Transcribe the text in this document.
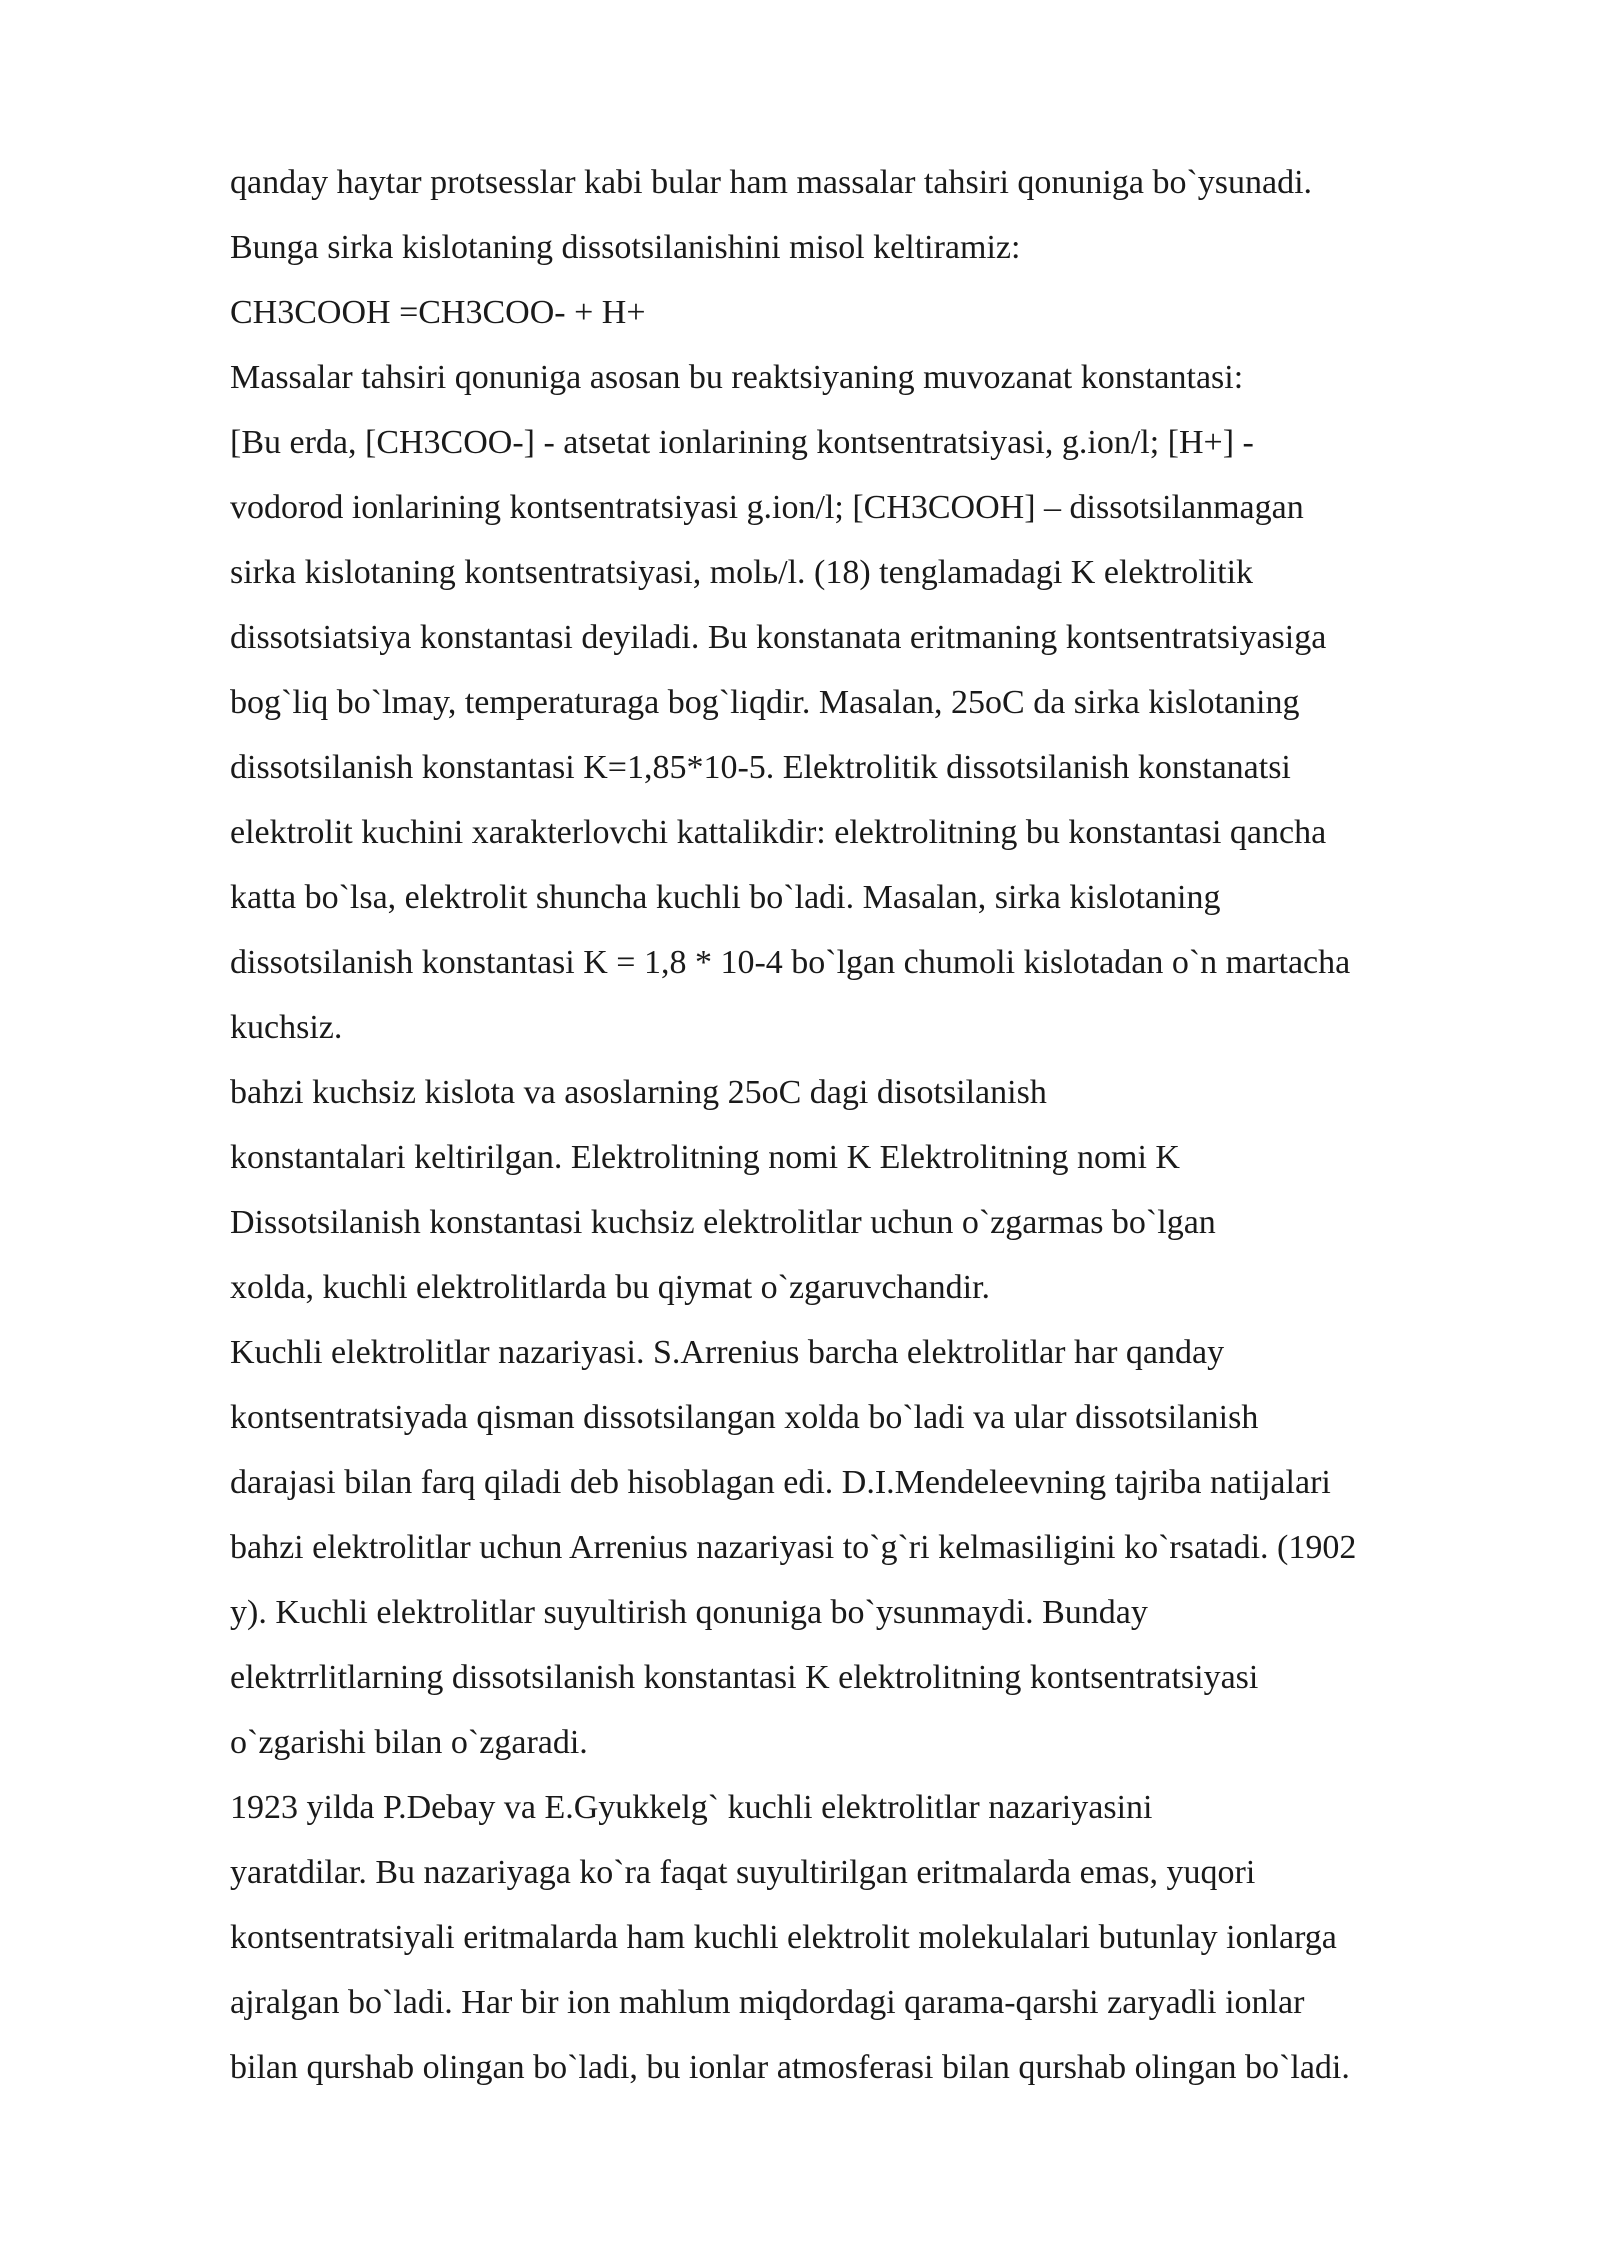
qanday haytar protsesslar kabi bular ham massalar tahsiri qonuniga bo`ysunadi.
Bunga sirka kislotaning dissotsilanishini misol keltiramiz:
CH3COOH =CH3COO- + H+
Massalar tahsiri qonuniga asosan bu reaktsiyaning muvozanat konstantasi:
[Bu erda, [CH3COO-] - atsetat ionlarining kontsentratsiyasi, g.ion/l; [H+] -
vodorod ionlarining kontsentratsiyasi g.ion/l; [CH3COOH] – dissotsilanmagan
sirka kislotaning kontsentratsiyasi, molь/l. (18) tenglamadagi K elektrolitik
dissotsiatsiya konstantasi deyiladi. Bu konstanata eritmaning kontsentratsiyasiga
bog`liq bo`lmay, temperaturaga bog`liqdir. Masalan, 25oC da sirka kislotaning
dissotsilanish konstantasi K=1,85*10-5. Elektrolitik dissotsilanish konstanatsi
elektrolit kuchini xarakterlovchi kattalikdir: elektrolitning bu konstantasi qancha
katta bo`lsa, elektrolit shuncha kuchli bo`ladi. Masalan, sirka kislotaning
dissotsilanish konstantasi K = 1,8 * 10-4 bo`lgan chumoli kislotadan o`n martacha
kuchsiz.
bahzi kuchsiz kislota va asoslarning 25oC dagi disotsilanish
konstantalari keltirilgan. Elektrolitning nomi K Elektrolitning nomi K
Dissotsilanish konstantasi kuchsiz elektrolitlar uchun o`zgarmas bo`lgan
xolda, kuchli elektrolitlarda bu qiymat o`zgaruvchandir.
Kuchli elektrolitlar nazariyasi. S.Arrenius barcha elektrolitlar har qanday
kontsentratsiyada qisman dissotsilangan xolda bo`ladi va ular dissotsilanish
darajasi bilan farq qiladi deb hisoblagan edi. D.I.Mendeleevning tajriba natijalari
bahzi elektrolitlar uchun Arrenius nazariyasi to`g`ri kelmasiligini ko`rsatadi. (1902
y). Kuchli elektrolitlar suyultirish qonuniga bo`ysunmaydi. Bunday
elektrrlitlarning dissotsilanish konstantasi K elektrolitning kontsentratsiyasi
o`zgarishi bilan o`zgaradi.
1923 yilda P.Debay va E.Gyukkelg` kuchli elektrolitlar nazariyasini
yaratdilar. Bu nazariyaga ko`ra faqat suyultirilgan eritmalarda emas, yuqori
kontsentratsiyali eritmalarda ham kuchli elektrolit molekulalari butunlay ionlarga
ajralgan bo`ladi. Har bir ion mahlum miqdordagi qarama-qarshi zaryadli ionlar
bilan qurshab olingan bo`ladi, bu ionlar atmosferasi bilan qurshab olingan bo`ladi.
